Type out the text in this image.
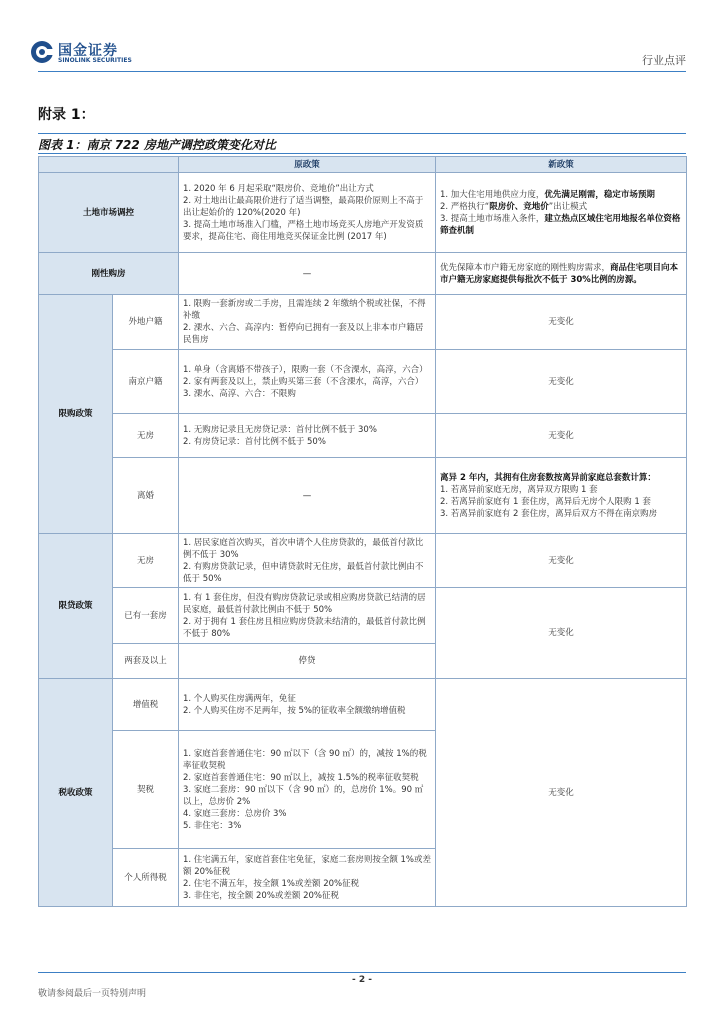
国金证券
SINOLINK SECURITIES	行业点评
附录 1：
图表 1：南京 722 房地产调控政策变化对比
		原政策	新政策
土地市场调控		1. 2020 年 6 月起采取“限房价、竞地价”出让方式
2. 对土地出让最高限价进行了适当调整，最高限价原则上不高于出让起始价的 120%(2020 年)
3. 提高土地市场准入门槛，严格土地市场竞买人房地产开发资质要求，提高住宅、商住用地竞买保证金比例 (2017 年)	1. 加大住宅用地供应力度，优先满足刚需，稳定市场预期
2. 严格执行“限房价、竞地价”出让模式
3. 提高土地市场准入条件，建立热点区域住宅用地报名单位资格筛查机制

刚性购房		—	优先保障本市户籍无房家庭的刚性购房需求，商品住宅项目向本市户籍无房家庭提供每批次不低于 30%比例的房源。
限购政策	外地户籍	1. 限购一套新房或二手房，且需连续 2 年缴纳个税或社保，不得补缴
2. 溧水、六合、高淳内：暂停向已拥有一套及以上非本市户籍居民售房	无变化
	南京户籍	1. 单身（含离婚不带孩子），限购一套（不含溧水，高淳，六合）
2. 家有两套及以上，禁止购买第三套（不含溧水，高淳，六合）
3. 溧水、高淳、六合：不限购	无变化
	无房	1. 无购房记录且无房贷记录：首付比例不低于 30%
2. 有房贷记录：首付比例不低于 50%	无变化
	离婚	—	离异 2 年内，其拥有住房套数按离异前家庭总套数计算：
1. 若离异前家庭无房，离异双方限购 1 套
2. 若离异前家庭有 1 套住房，离异后无房个人限购 1 套
3. 若离异前家庭有 2 套住房，离异后双方不得在南京购房

限贷政策	无房	1. 居民家庭首次购买，首次申请个人住房贷款的，最低首付款比例不低于 30%
2. 有购房贷款记录，但申请贷款时无住房，最低首付款比例由不低于 50%	无变化
	已有一套房	1. 有 1 套住房，但没有购房贷款记录或相应购房贷款已结清的居民家庭，最低首付款比例由不低于 50%
2. 对于拥有 1 套住房且相应购房贷款未结清的，最低首付款比例不低于 80%	无变化
	两套及以上	停贷	
税收政策	增值税	1. 个人购买住房满两年，免征
2. 个人购买住房不足两年，按 5%的征收率全额缴纳增值税	无变化
	契税	1. 家庭首套普通住宅：90 ㎡以下（含 90 ㎡）的，减按 1%的税率征收契税
2. 家庭首套普通住宅：90 ㎡以上，减按 1.5%的税率征收契税
3. 家庭二套房：90 ㎡以下（含 90 ㎡）的，总房价 1%。90 ㎡以上，总房价 2%
4. 家庭三套房：总房价 3%
5. 非住宅：3%	

	个人所得税	1. 住宅满五年，家庭首套住宅免征，家庭二套房则按全额 1%或差额 20%征税
2. 住宅不满五年，按全额 1%或差额 20%征税
3. 非住宅，按全额 20%或差额 20%征税	
- 2 -
敬请参阅最后一页特别声明
